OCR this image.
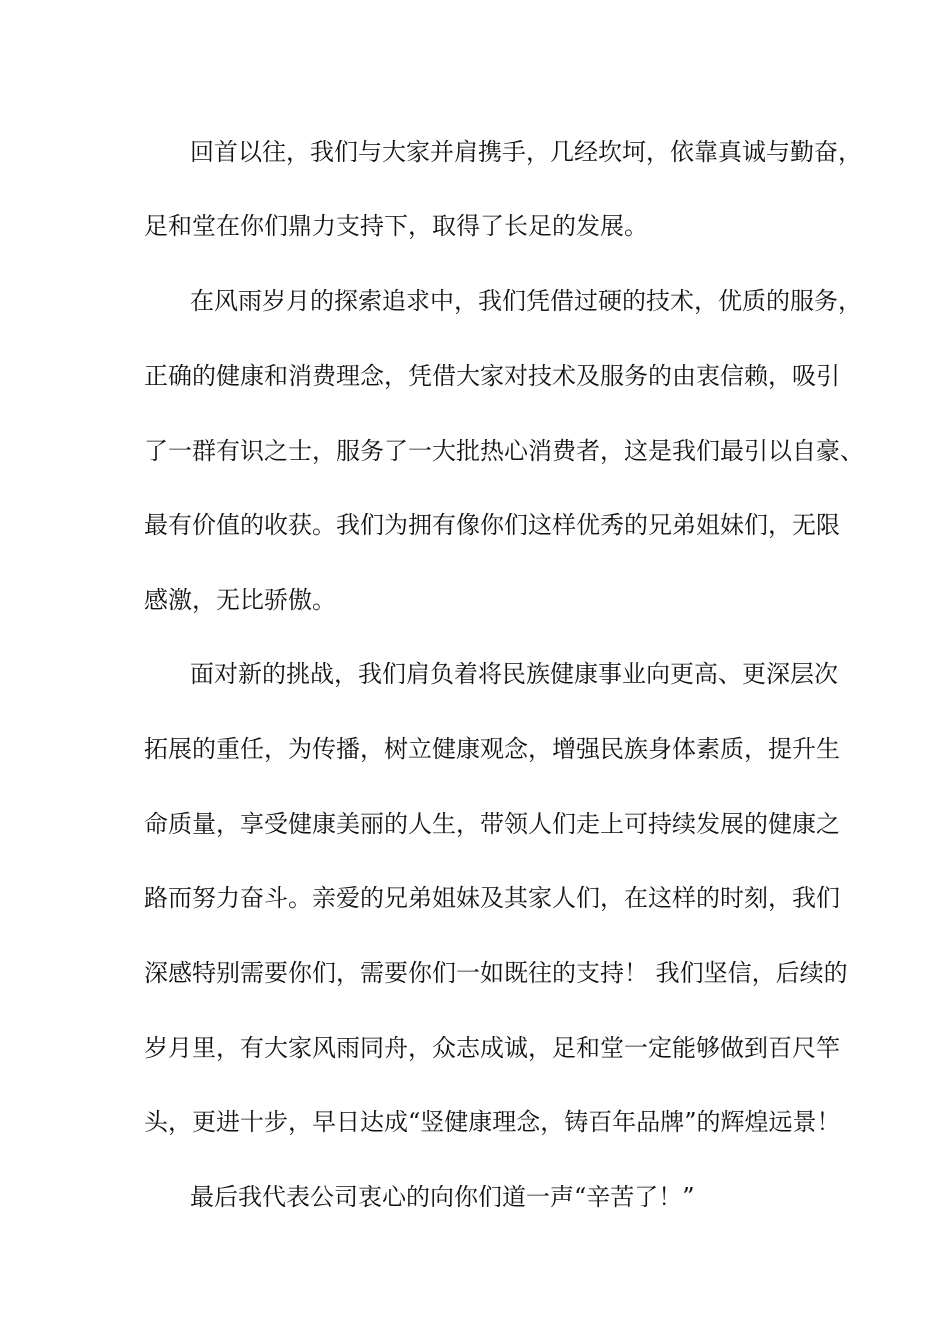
回首以往，我们与大家并肩携手，几经坎坷，依靠真诚与勤奋，
足和堂在你们鼎力支持下，取得了长足的发展。
在风雨岁月的探索追求中，我们凭借过硬的技术，优质的服务，
正确的健康和消费理念，凭借大家对技术及服务的由衷信赖，吸引
了一群有识之士，服务了一大批热心消费者，这是我们最引以自豪、
最有价值的收获。我们为拥有像你们这样优秀的兄弟姐妹们，无限
感激，无比骄傲。
面对新的挑战，我们肩负着将民族健康事业向更高、更深层次
拓展的重任，为传播，树立健康观念，增强民族身体素质，提升生
命质量，享受健康美丽的人生，带领人们走上可持续发展的健康之
路而努力奋斗。亲爱的兄弟姐妹及其家人们，在这样的时刻，我们
深感特别需要你们，需要你们一如既往的支持！ 我们坚信，后续的
岁月里，有大家风雨同舟，众志成诚，足和堂一定能够做到百尺竿
头，更进十步，早日达成“竖健康理念，铸百年品牌”的辉煌远景！
最后我代表公司衷心的向你们道一声“辛苦了！”
